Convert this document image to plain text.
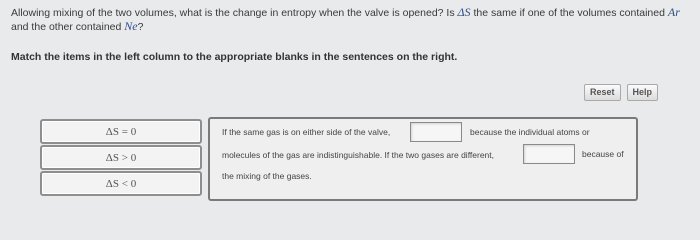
Allowing mixing of the two volumes, what is the change in entropy when the valve is opened? Is ΔS the same if one of the volumes contained Ar and the other contained Ne?
Match the items in the left column to the appropriate blanks in the sentences on the right.
Reset	Help
ΔS = 0
ΔS > 0
ΔS < 0
If the same gas is on either side of the valve,	because the individual atoms or
molecules of the gas are indistinguishable. If the two gases are different,	because of
the mixing of the gases.
